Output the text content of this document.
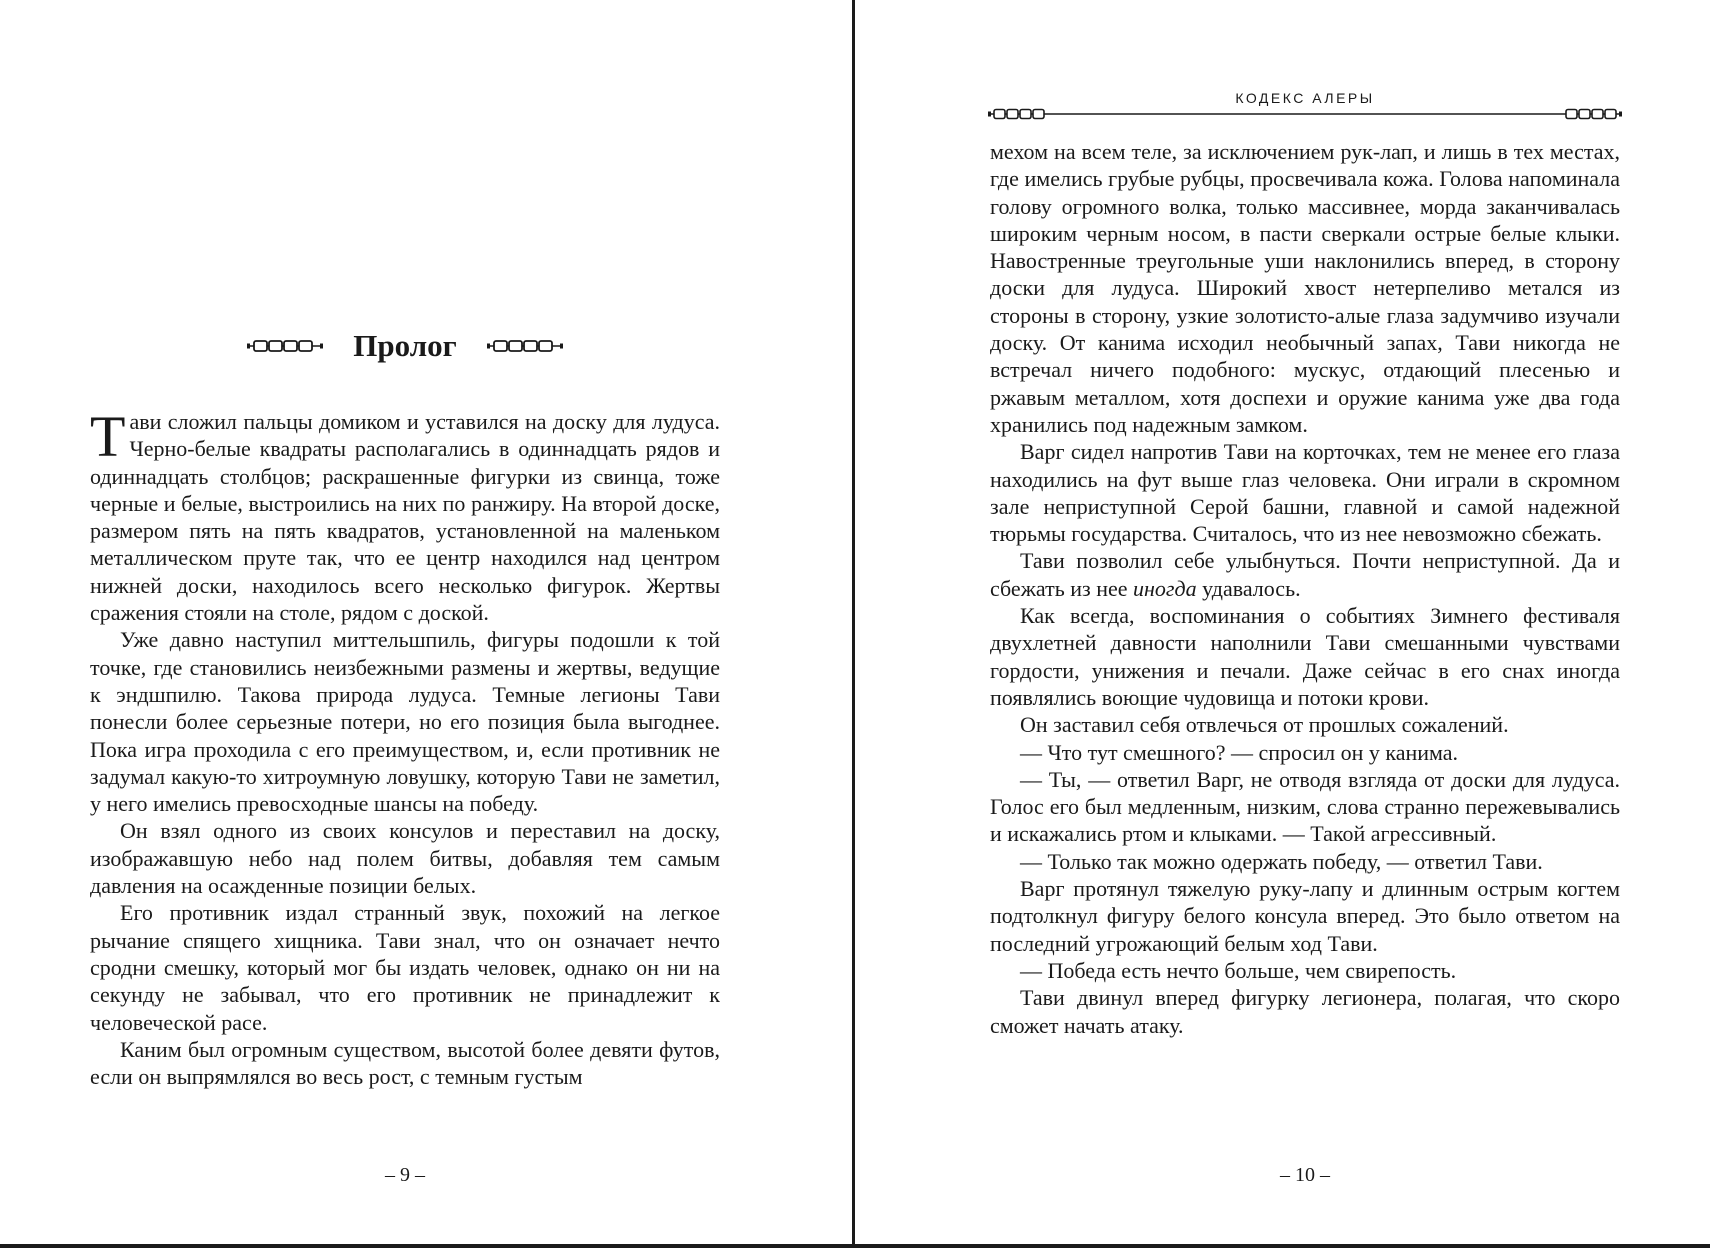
Пролог

Тави сложил пальцы домиком и уставился на доску для лудуса. Черно-белые квадраты располагались в одиннадцать рядов и одиннадцать столбцов; раскрашенные фигурки из свинца, тоже черные и белые, выстроились на них по ранжиру. На второй доске, размером пять на пять квадратов, установленной на маленьком металлическом пруте так, что ее центр находился над центром нижней доски, находилось всего несколько фигурок. Жертвы сражения стояли на столе, рядом с доской.

Уже давно наступил миттельшпиль, фигуры подошли к той точке, где становились неизбежными размены и жертвы, ведущие к эндшпилю. Такова природа лудуса. Темные легионы Тави понесли более серьезные потери, но его позиция была выгоднее. Пока игра проходила с его преимуществом, и, если противник не задумал какую-то хитроумную ловушку, которую Тави не заметил, у него имелись превосходные шансы на победу.

Он взял одного из своих консулов и переставил на доску, изображавшую небо над полем битвы, добавляя тем самым давления на осажденные позиции белых.

Его противник издал странный звук, похожий на легкое рычание спящего хищника. Тави знал, что он означает нечто сродни смешку, который мог бы издать человек, однако он ни на секунду не забывал, что его противник не принадлежит к человеческой расе.

Каним был огромным существом, высотой более девяти футов, если он выпрямлялся во весь рост, с темным густым

– 9 –
КОДЕКС АЛЕРЫ

мехом на всем теле, за исключением рук-лап, и лишь в тех местах, где имелись грубые рубцы, просвечивала кожа. Голова напоминала голову огромного волка, только массивнее, морда заканчивалась широким черным носом, в пасти сверкали острые белые клыки. Навостренные треугольные уши наклонились вперед, в сторону доски для лудуса. Широкий хвост нетерпеливо метался из стороны в сторону, узкие золотисто-алые глаза задумчиво изучали доску. От канима исходил необычный запах, Тави никогда не встречал ничего подобного: мускус, отдающий плесенью и ржавым металлом, хотя доспехи и оружие канима уже два года хранились под надежным замком.

Варг сидел напротив Тави на корточках, тем не менее его глаза находились на фут выше глаз человека. Они играли в скромном зале неприступной Серой башни, главной и самой надежной тюрьмы государства. Считалось, что из нее невозможно сбежать.

Тави позволил себе улыбнуться. Почти неприступной. Да и сбежать из нее иногда удавалось.

Как всегда, воспоминания о событиях Зимнего фестиваля двухлетней давности наполнили Тави смешанными чувствами гордости, унижения и печали. Даже сейчас в его снах иногда появлялись воющие чудовища и потоки крови.

Он заставил себя отвлечься от прошлых сожалений.

— Что тут смешного? — спросил он у канима.

— Ты, — ответил Варг, не отводя взгляда от доски для лудуса. Голос его был медленным, низким, слова странно пережевывались и искажались ртом и клыками. — Такой агрессивный.

— Только так можно одержать победу, — ответил Тави.

Варг протянул тяжелую руку-лапу и длинным острым когтем подтолкнул фигуру белого консула вперед. Это было ответом на последний угрожающий белым ход Тави.

— Победа есть нечто больше, чем свирепость.

Тави двинул вперед фигурку легионера, полагая, что скоро сможет начать атаку.

– 10 –
